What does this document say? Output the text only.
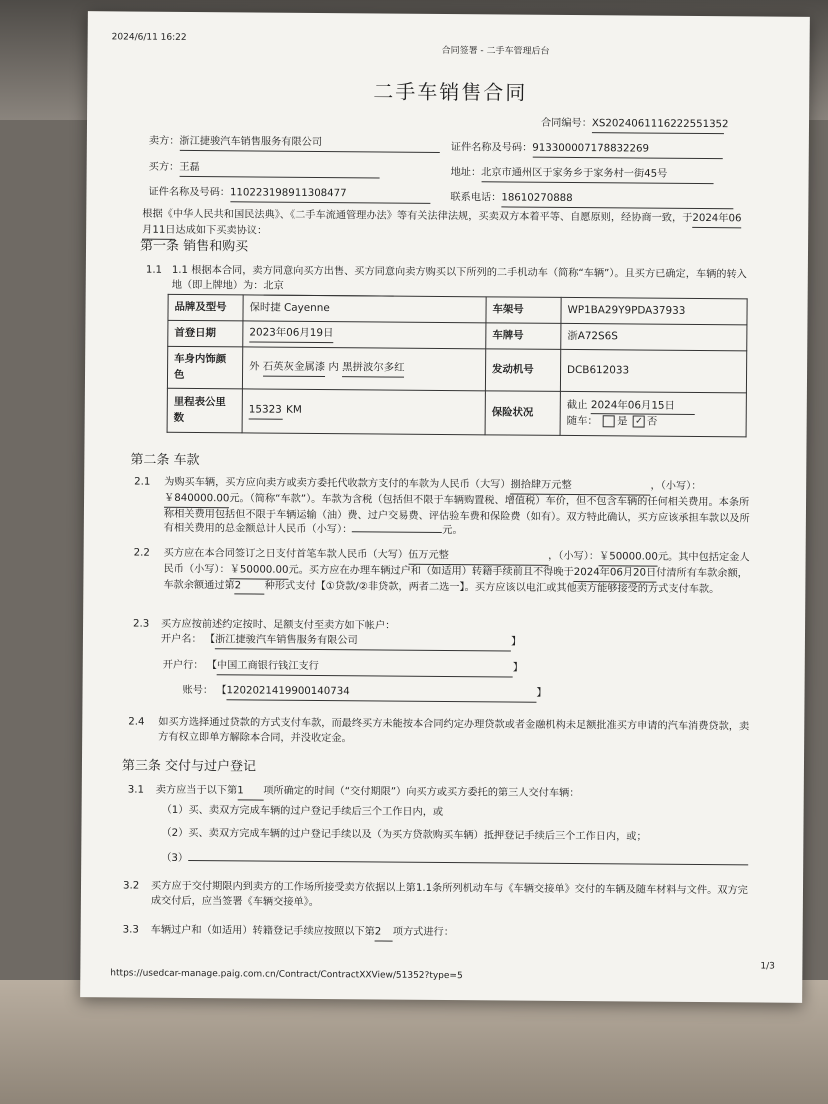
2024/6/11 16:22
合同签署 - 二手车管理后台
二手车销售合同
合同编号：XS2024061116222551352
卖方：浙江捷骏汽车销售服务有限公司	证件名称及号码：913300007178832269
买方：王磊	地址：北京市通州区于家务乡于家务村一街45号
证件名称及号码：110223198911308477	联系电话：18610270888
根据《中华人民共和国民法典》、《二手车流通管理办法》等有关法律法规，买卖双方本着平等、自愿原则，经协商一致，于2024年06月11日达成如下买卖协议：
第一条 销售和购买
1.1 1.1 根据本合同，卖方同意向买方出售、买方同意向卖方购买以下所列的二手机动车（简称“车辆”）。且买方已确定，车辆的转入
地（即上牌地）为：北京
品牌及型号	保时捷 Cayenne	车架号	WP1BA29Y9PDA37933
首登日期	2023年06月19日	车牌号	浙A72S6S
车身内饰颜色	外 石英灰金属漆 内 黑拼波尔多红	发动机号	DCB612033
里程表公里数	15323 KM	保险状况	截止 2024年06月15日
随车： 是 ✓ 否
第二条 车款
2.1 为购买车辆，买方应向卖方或卖方委托代收款方支付的车款为人民币（大写）捌拾肆万元整	，（小写）： ￥840000.00元。（简称“车款”）。车款为含税（包括但不限于车辆购置税、增值税）车价，但不包含车辆的任何相关费用。本条所称相关费用包括但不限于车辆运输（油）费、过户交易费、评估验车费和保险费（如有）。双方特此确认，买方应该承担车款以及所有相关费用的总金额总计人民币（小写）：	元。
2.2 买方应在本合同签订之日支付首笔车款人民币（大写）伍万元整	，（小写）：￥50000.00元。其中包括定金人民币（小写）：￥50000.00元。买方应在办理车辆过户和（如适用）转籍手续前且不得晚于2024年06月20日付清所有车款余额，车款余额通过第2 种形式支付【①贷款/②非贷款，两者二选一】。买方应该以电汇或其他卖方能够接受的方式支付车款。
2.3 买方应按前述约定按时、足额支付至卖方如下帐户：
开户名： 【浙江捷骏汽车销售服务有限公司	】
开户行： 【中国工商银行钱江支行	】
账号： 【1202021419900140734	】
2.4 如买方选择通过贷款的方式支付车款，而最终买方未能按本合同约定办理贷款或者金融机构未足额批准买方申请的汽车消费贷款，卖方有权立即单方解除本合同，并没收定金。
第三条 交付与过户登记
3.1 卖方应当于以下第1 项所确定的时间（“交付期限”）向买方或买方委托的第三人交付车辆：
（1）买、卖双方完成车辆的过户登记手续后三个工作日内，或
（2）买、卖双方完成车辆的过户登记手续以及（为买方贷款购买车辆）抵押登记手续后三个工作日内，或；
（3）
3.2 买方应于交付期限内到卖方的工作场所接受卖方依据以上第1.1条所列机动车与《车辆交接单》交付的车辆及随车材料与文件。双方完成交付后，应当签署《车辆交接单》。
3.3 车辆过户和（如适用）转籍登记手续应按照以下第2 项方式进行：
https://usedcar-manage.paig.com.cn/Contract/ContractXXView/51352?type=5
1/3
